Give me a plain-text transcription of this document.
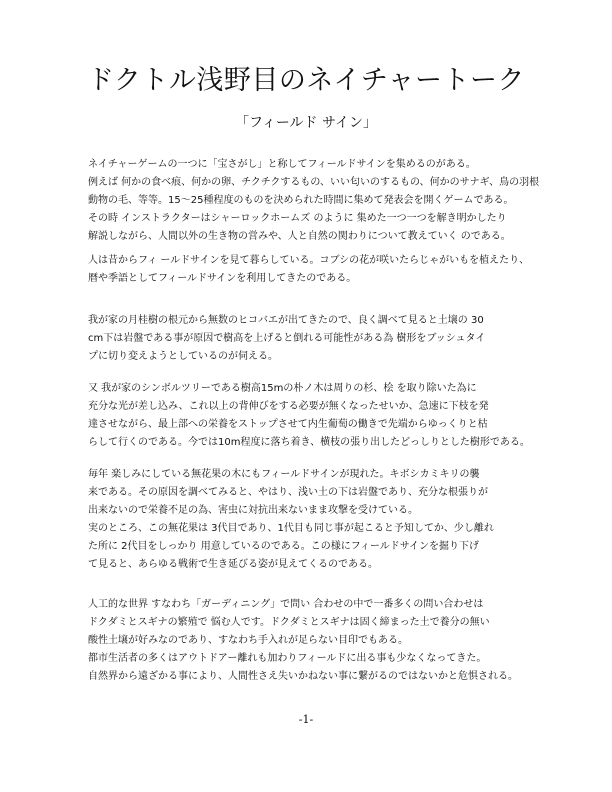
ドクトル浅野目のネイチャートーク

「フィールド サイン」

ネイチャーゲームの一つに「宝さがし」と称してフィールドサインを集めるのがある。
例えば 何かの食べ痕、何かの卵、チクチクするもの、いい匂いのするもの、何かのサナギ、鳥の羽根
動物の毛、等等。15〜25種程度のものを決められた時間に集めて発表会を開くゲームである。
その時 インストラクターはシャーロックホームズ のように 集めた一つ一つを解き明かしたり
解説しながら、人間以外の生き物の営みや、人と自然の関わりについて教えていく のである。
人は昔からフィ ールドサインを見て暮らしている。コブシの花が咲いたらじゃがいもを植えたり、
暦や季語としてフィールドサインを利用してきたのである。
我が家の月桂樹の根元から無数のヒコバエが出てきたので、良く調べて見ると土壌の 30
cm下は岩盤である事が原因で樹高を上げると倒れる可能性がある為 樹形をブッシュタイ
プに切り変えようとしているのが伺える。
又 我が家のシンボルツリーである樹高15mの朴ノ木は周りの杉、桧 を取り除いた為に
充分な光が差し込み、これ以上の背伸びをする必要が無くなったせいか、急速に下枝を発
達させながら、最上部への栄養をストップさせて内生葡萄の働きで先端からゆっくりと枯
らして行くのである。今では10m程度に落ち着き、横枝の張り出したどっしりとした樹形である。
毎年 楽しみにしている無花果の木にもフィールドサインが現れた。キボシカミキリの襲
来である。その原因を調べてみると、やはり、浅い土の下は岩盤であり、充分な根張りが
出来ないので栄養不足の為、害虫に対抗出来ないまま攻撃を受けている。
実のところ、この無花果は 3代目であり、1代目も同じ事が起こると予知してか、少し離れ
た所に 2代目をしっかり 用意しているのである。この様にフィールドサインを掘り下げ
て見ると、あらゆる戦術で生き延びる姿が見えてくるのである。
人工的な世界 すなわち「ガーディニング」で問い 合わせの中で一番多くの問い合わせは
ドクダミとスギナの繁殖で 悩む人です。ドクダミとスギナは固く締まった土で養分の無い
酸性土壌が好みなのであり、すなわち手入れが足らない目印でもある。
都市生活者の多くはアウトドアー離れも加わりフィールドに出る事も少なくなってきた。
自然界から遠ざかる事により、人間性さえ失いかねない事に繋がるのではないかと危惧される。

-1-
